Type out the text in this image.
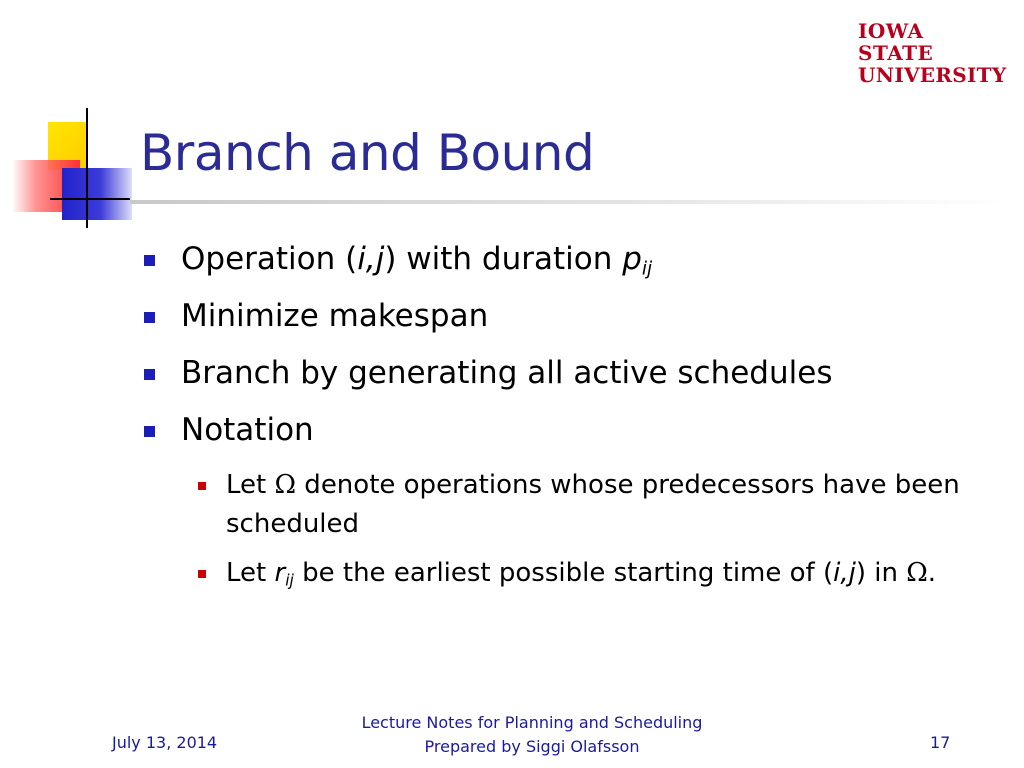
IOWA STATE
UNIVERSITY
Branch and Bound
Operation (i,j) with duration $p_{ij}$
Minimize makespan
Branch by generating all active schedules
Notation
Let Ω denote operations whose predecessors have been scheduled
Let $r_{ij}$ be the earliest possible starting time of (i,j) in Ω.
July 13, 2014
Lecture Notes for Planning and Scheduling
Prepared by Siggi Olafsson	17
